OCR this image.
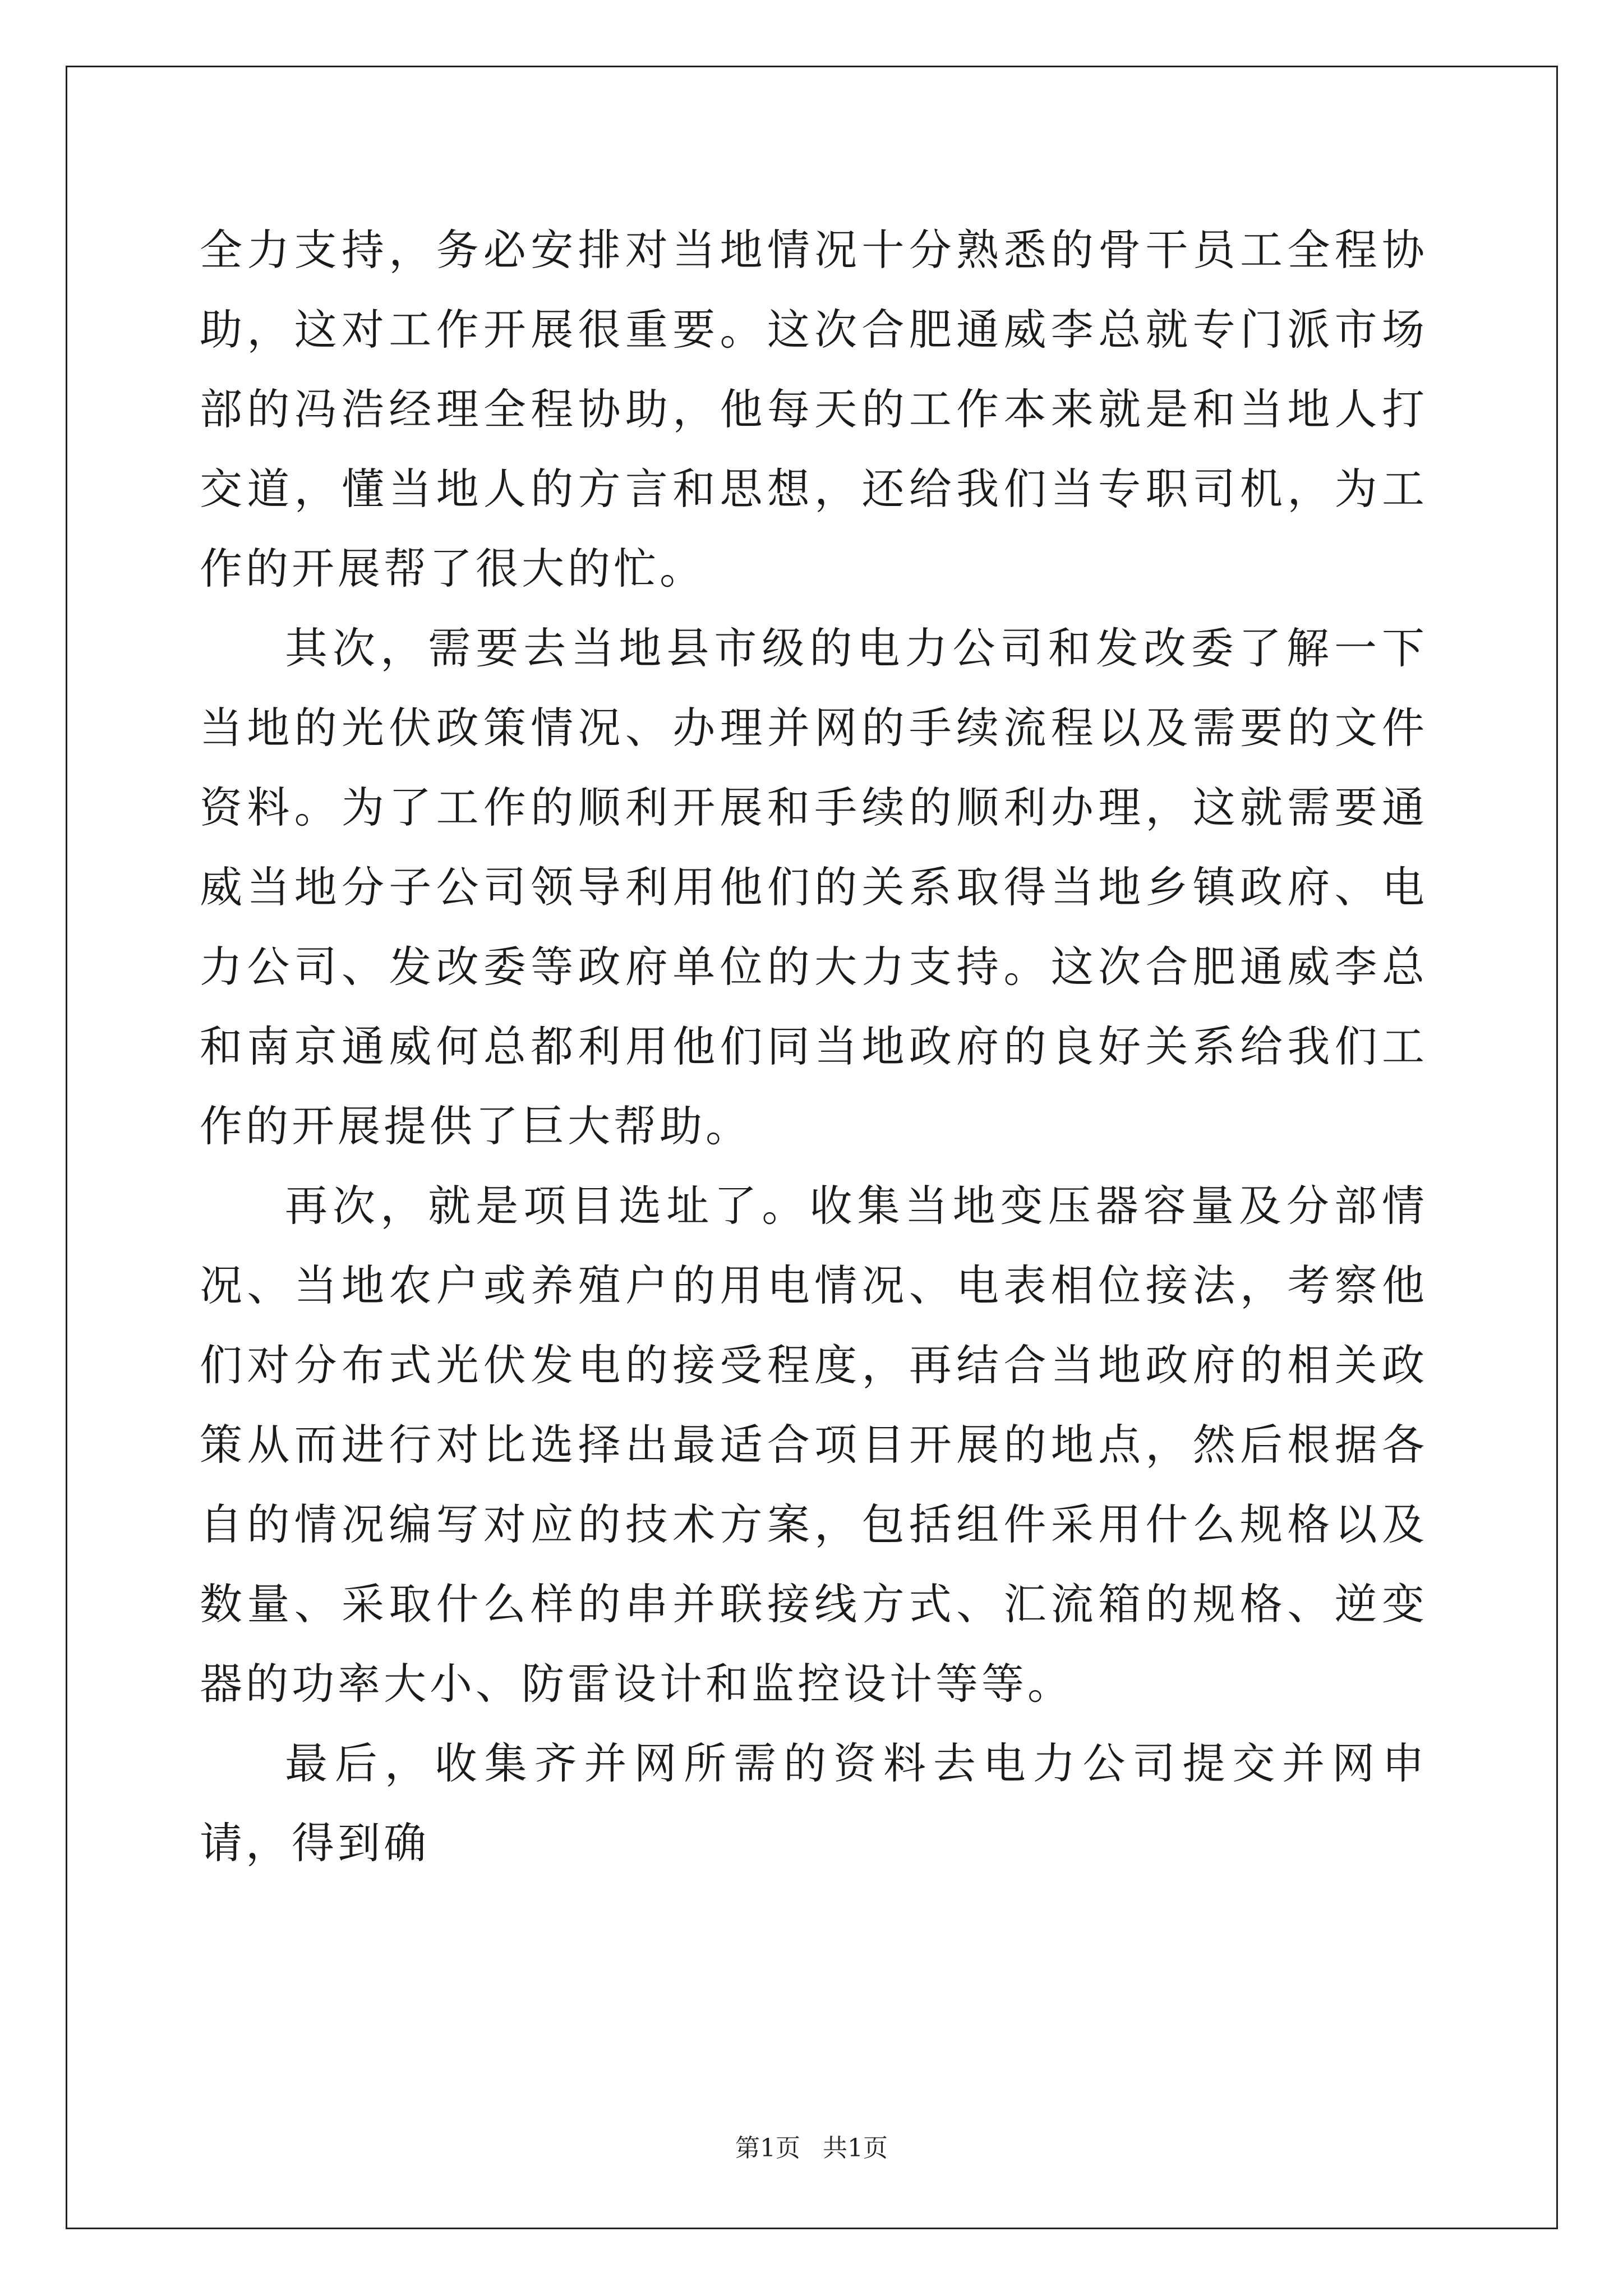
全力支持，务必安排对当地情况十分熟悉的骨干员工全程协助，这对工作开展很重要。这次合肥通威李总就专门派市场部的冯浩经理全程协助，他每天的工作本来就是和当地人打交道，懂当地人的方言和思想，还给我们当专职司机，为工作的开展帮了很大的忙。

其次，需要去当地县市级的电力公司和发改委了解一下当地的光伏政策情况、办理并网的手续流程以及需要的文件资料。为了工作的顺利开展和手续的顺利办理，这就需要通威当地分子公司领导利用他们的关系取得当地乡镇政府、电力公司、发改委等政府单位的大力支持。这次合肥通威李总和南京通威何总都利用他们同当地政府的良好关系给我们工作的开展提供了巨大帮助。

再次，就是项目选址了。收集当地变压器容量及分部情况、当地农户或养殖户的用电情况、电表相位接法，考察他们对分布式光伏发电的接受程度，再结合当地政府的相关政策从而进行对比选择出最适合项目开展的地点，然后根据各自的情况编写对应的技术方案，包括组件采用什么规格以及数量、采取什么样的串并联接线方式、汇流箱的规格、逆变器的功率大小、防雷设计和监控设计等等。

最后，收集齐并网所需的资料去电力公司提交并网申请，得到确

第1页 共1页
